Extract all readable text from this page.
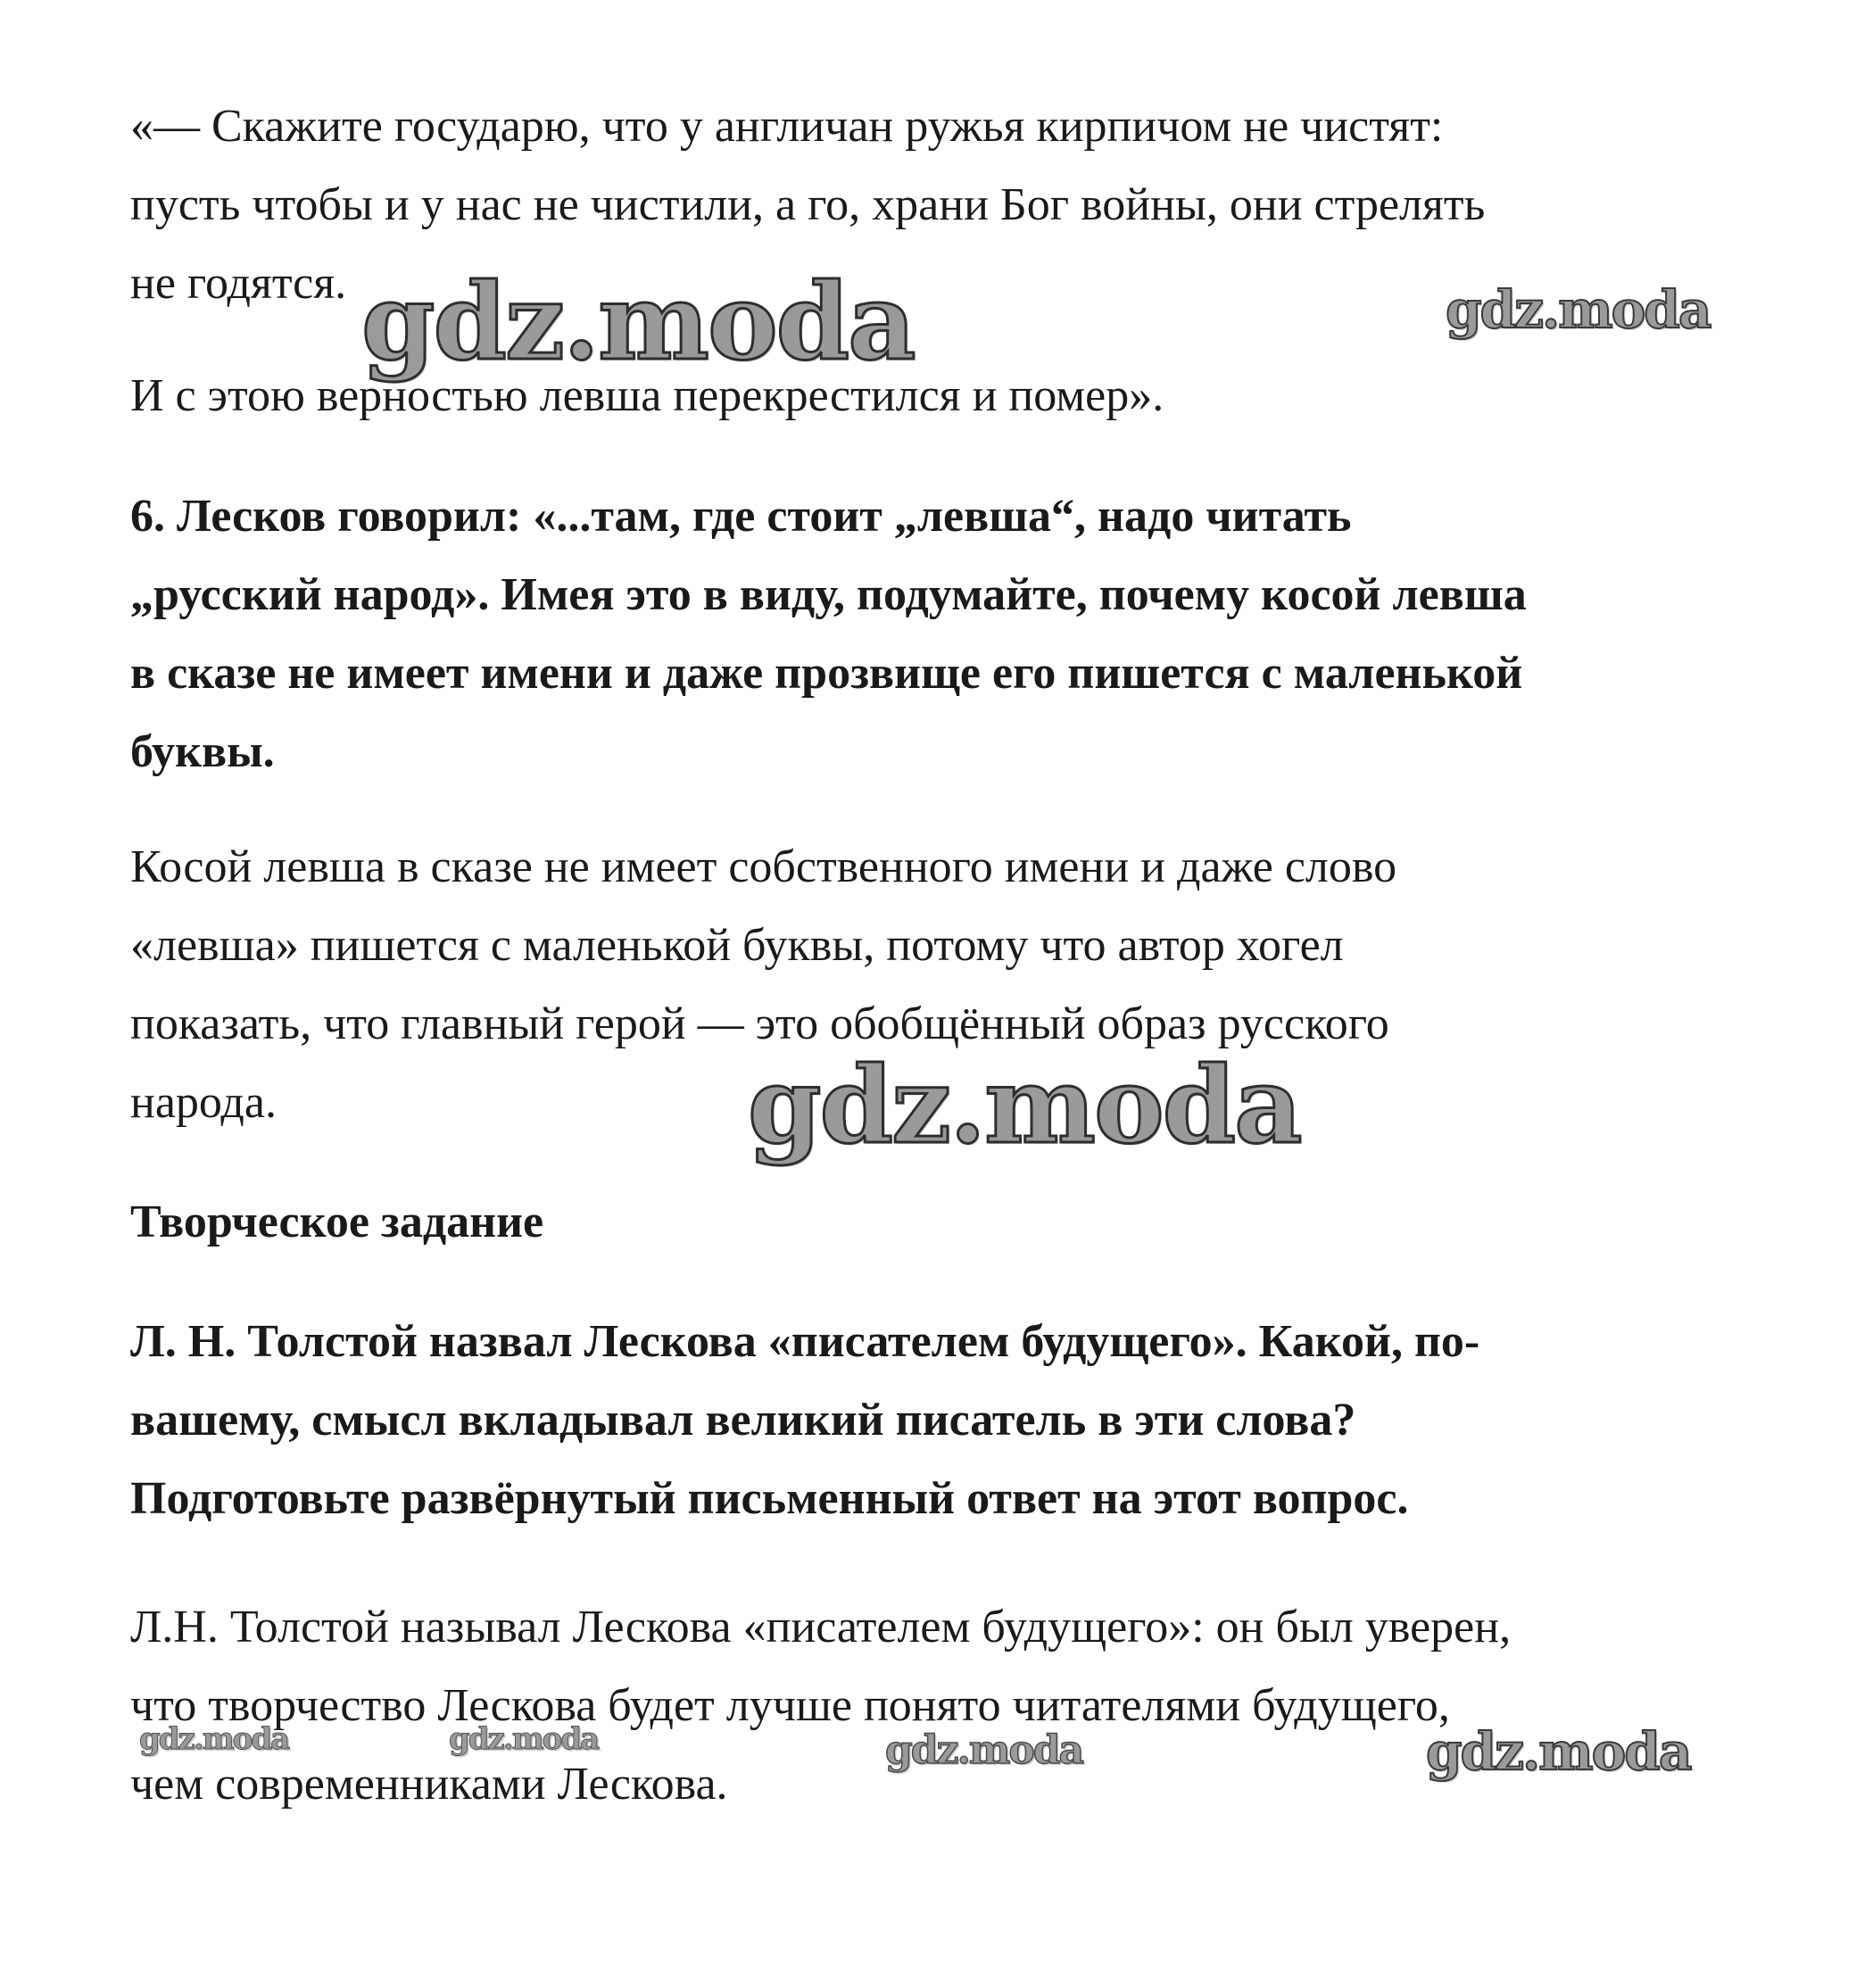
«— Скажите государю, что у англичан ружья кирпичом не чистят:
пусть чтобы и у нас не чистили, а го, храни Бог войны, они стрелять
не годятся.

И с этою верностью левша перекрестился и помер».

6. Лесков говорил: «...там, где стоит „левша“, надо читать
„русский народ». Имея это в виду, подумайте, почему косой левша
в сказе не имеет имени и даже прозвище его пишется с маленькой
буквы.

Косой левша в сказе не имеет собственного имени и даже слово
«левша» пишется с маленькой буквы, потому что автор хогел
показать, что главный герой — это обобщённый образ русского
народа.

Творческое задание

Л. Н. Толстой назвал Лескова «писателем будущего». Какой, по-
вашему, смысл вкладывал великий писатель в эти слова?
Подготовьте развёрнутый письменный ответ на этот вопрос.

Л.Н. Толстой называл Лескова «писателем будущего»: он был уверен,
что творчество Лескова будет лучше понято читателями будущего,
чем современниками Лескова.

gdz.moda	gdz.moda
gdz.moda
gdz.moda	gdz.moda	gdz.moda	gdz.moda
